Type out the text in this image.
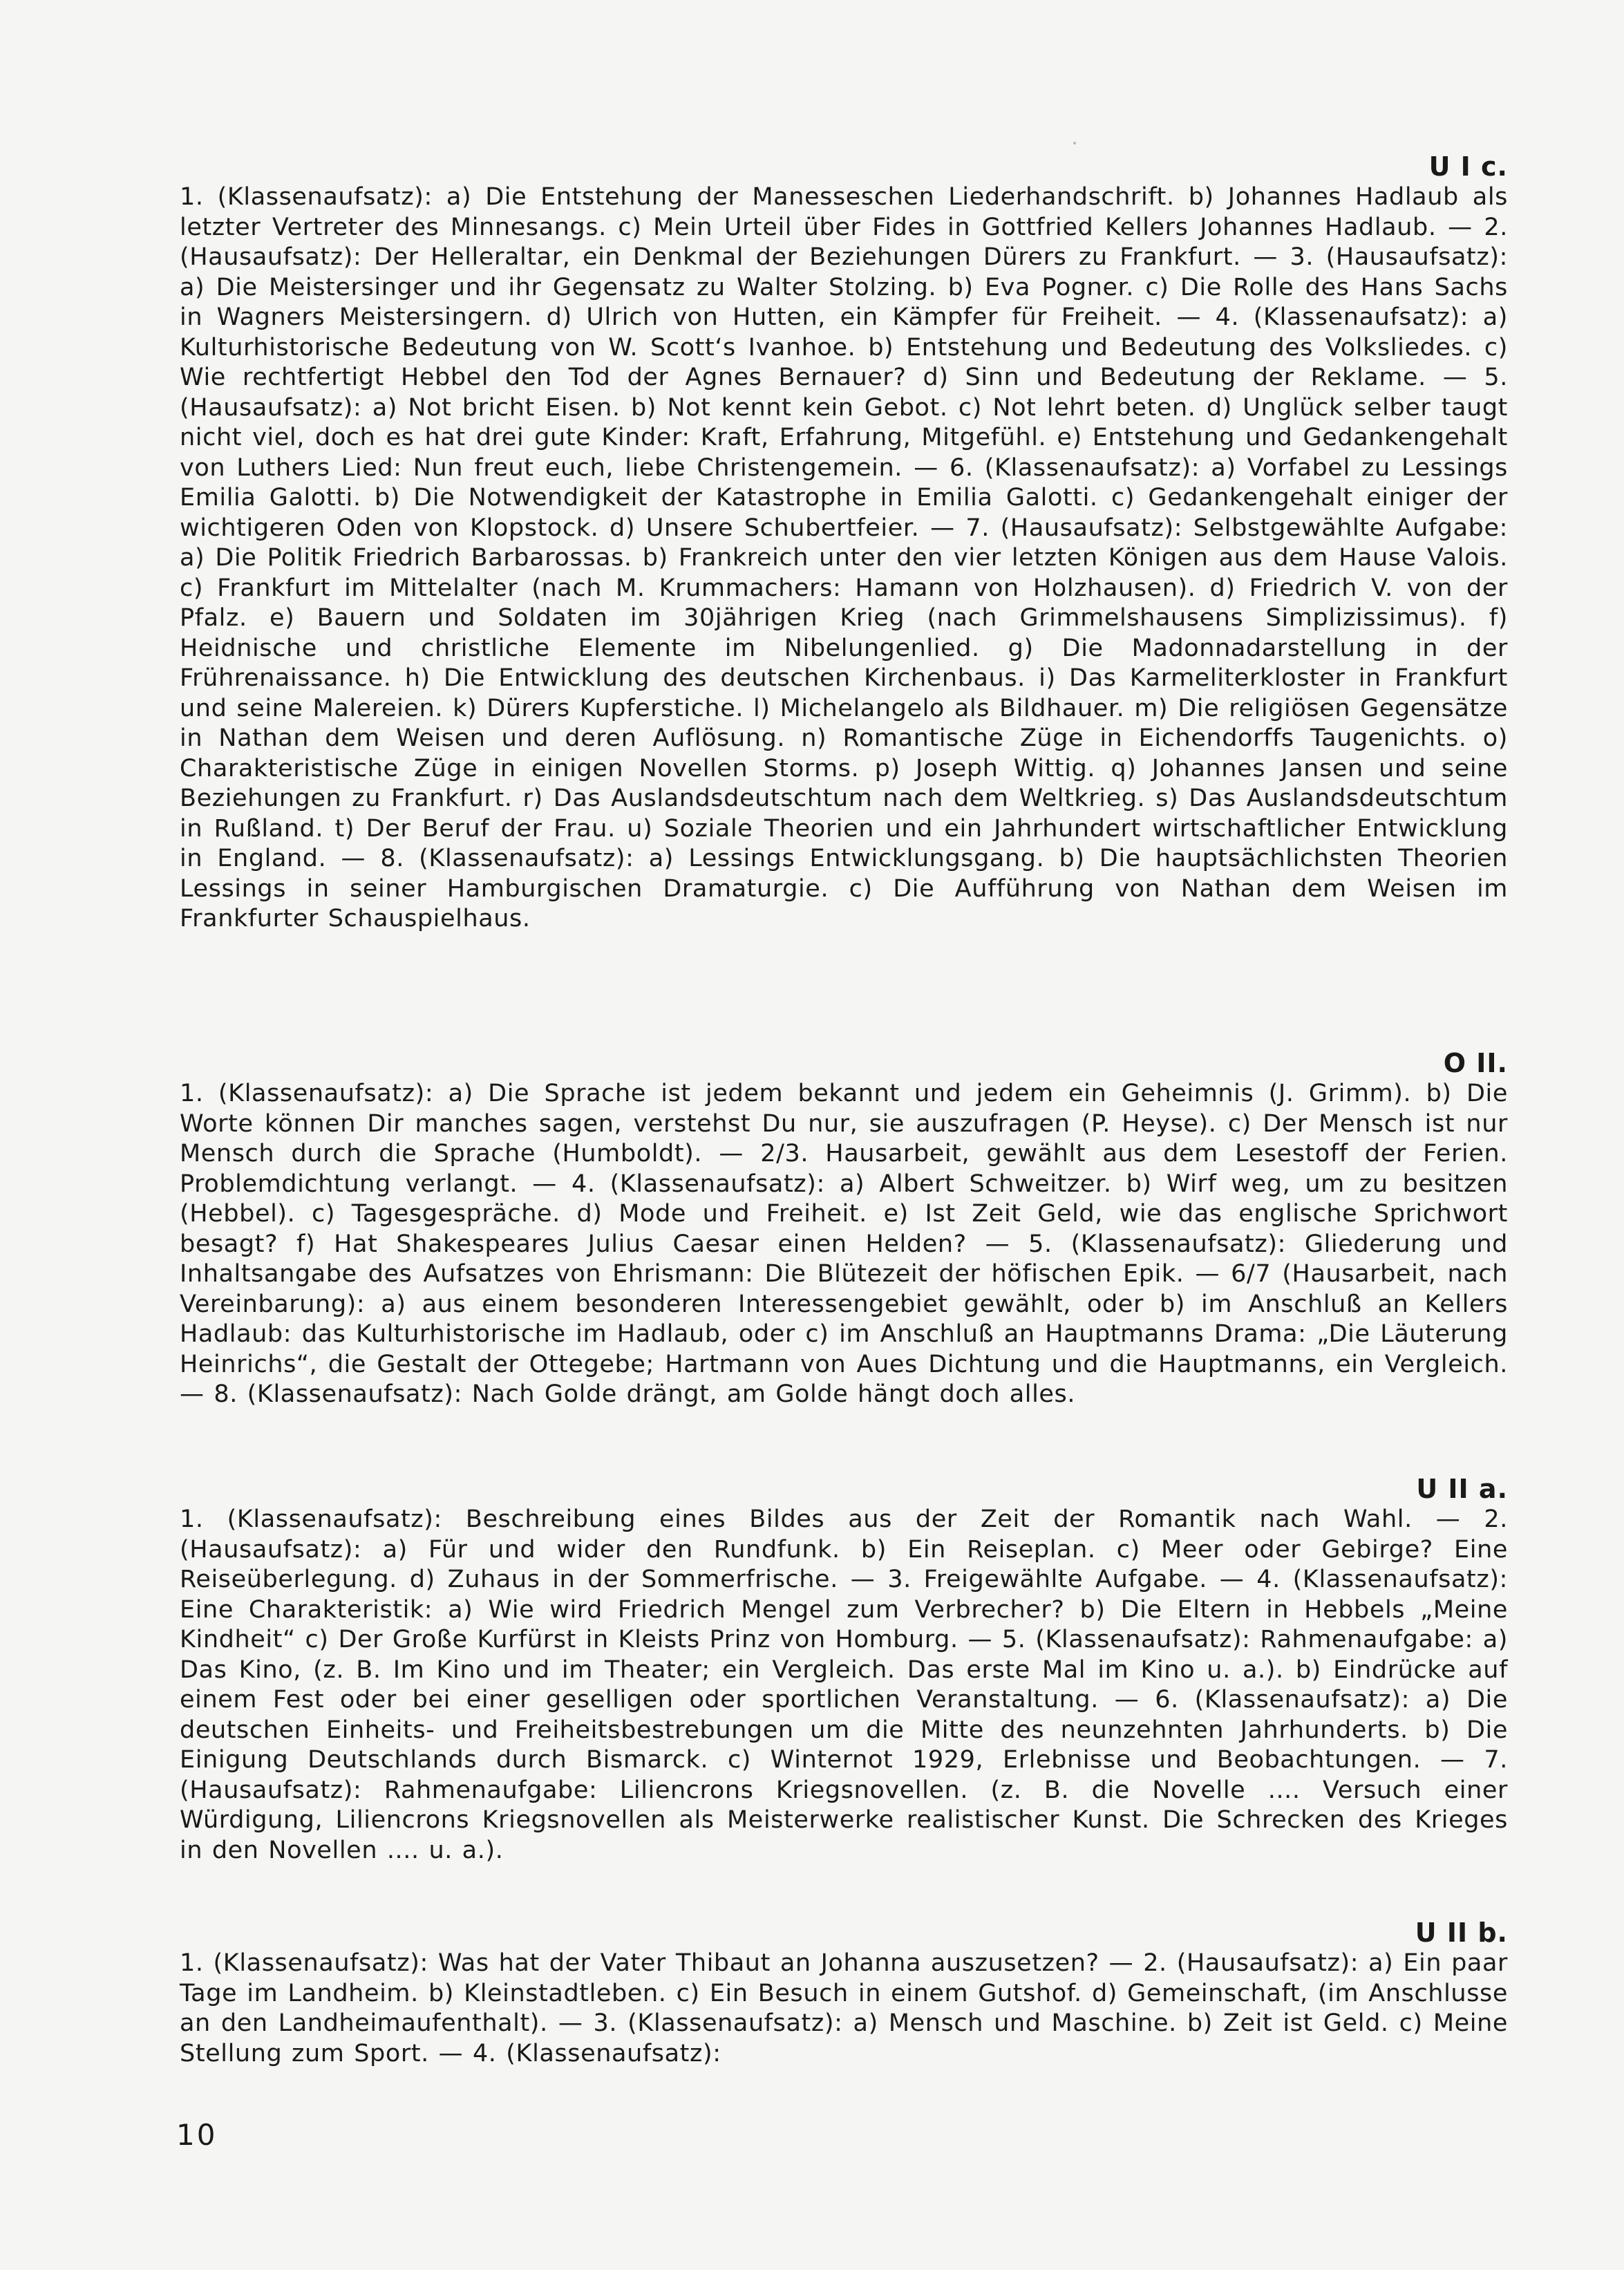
U I c.

1. (Klassenaufsatz): a) Die Entstehung der Manesseschen Liederhandschrift. b) Johannes Hadlaub als letzter Vertreter des Minnesangs. c) Mein Urteil über Fides in Gottfried Kellers Johannes Hadlaub. — 2. (Hausaufsatz): Der Helleraltar, ein Denkmal der Beziehungen Dürers zu Frankfurt. — 3. (Hausaufsatz): a) Die Meistersinger und ihr Gegensatz zu Walter Stolzing. b) Eva Pogner. c) Die Rolle des Hans Sachs in Wagners Meistersingern. d) Ulrich von Hutten, ein Kämpfer für Freiheit. — 4. (Klassenaufsatz): a) Kulturhistorische Bedeutung von W. Scott‘s Ivanhoe. b) Entstehung und Bedeutung des Volksliedes. c) Wie rechtfertigt Hebbel den Tod der Agnes Bernauer? d) Sinn und Bedeutung der Reklame. — 5. (Hausaufsatz): a) Not bricht Eisen. b) Not kennt kein Gebot. c) Not lehrt beten. d) Unglück selber taugt nicht viel, doch es hat drei gute Kinder: Kraft, Erfahrung, Mitgefühl. e) Entstehung und Gedankengehalt von Luthers Lied: Nun freut euch, liebe Christengemein. — 6. (Klassenaufsatz): a) Vorfabel zu Lessings Emilia Galotti. b) Die Notwendigkeit der Katastrophe in Emilia Galotti. c) Gedankengehalt einiger der wichtigeren Oden von Klopstock. d) Unsere Schubertfeier. — 7. (Hausaufsatz): Selbstgewählte Aufgabe: a) Die Politik Friedrich Barbarossas. b) Frankreich unter den vier letzten Königen aus dem Hause Valois. c) Frankfurt im Mittelalter (nach M. Krummachers: Hamann von Holzhausen). d) Friedrich V. von der Pfalz. e) Bauern und Soldaten im 30jährigen Krieg (nach Grimmelshausens Simplizissimus). f) Heidnische und christliche Elemente im Nibelungenlied. g) Die Madonnadarstellung in der Frührenaissance. h) Die Entwicklung des deutschen Kirchenbaus. i) Das Karmeliterkloster in Frankfurt und seine Malereien. k) Dürers Kupferstiche. l) Michelangelo als Bildhauer. m) Die religiösen Gegensätze in Nathan dem Weisen und deren Auflösung. n) Romantische Züge in Eichendorffs Taugenichts. o) Charakteristische Züge in einigen Novellen Storms. p) Joseph Wittig. q) Johannes Jansen und seine Beziehungen zu Frankfurt. r) Das Auslandsdeutschtum nach dem Weltkrieg. s) Das Auslandsdeutschtum in Rußland. t) Der Beruf der Frau. u) Soziale Theorien und ein Jahrhundert wirtschaftlicher Entwicklung in England. — 8. (Klassenaufsatz): a) Lessings Entwicklungsgang. b) Die hauptsächlichsten Theorien Lessings in seiner Hamburgischen Dramaturgie. c) Die Aufführung von Nathan dem Weisen im Frankfurter Schauspielhaus.

O II.

1. (Klassenaufsatz): a) Die Sprache ist jedem bekannt und jedem ein Geheimnis (J. Grimm). b) Die Worte können Dir manches sagen, verstehst Du nur, sie auszufragen (P. Heyse). c) Der Mensch ist nur Mensch durch die Sprache (Humboldt). — 2/3. Hausarbeit, gewählt aus dem Lesestoff der Ferien. Problemdichtung verlangt. — 4. (Klassenaufsatz): a) Albert Schweitzer. b) Wirf weg, um zu besitzen (Hebbel). c) Tagesgespräche. d) Mode und Freiheit. e) Ist Zeit Geld, wie das englische Sprichwort besagt? f) Hat Shakespeares Julius Caesar einen Helden? — 5. (Klassenaufsatz): Gliederung und Inhaltsangabe des Aufsatzes von Ehrismann: Die Blütezeit der höfischen Epik. — 6/7 (Hausarbeit, nach Vereinbarung): a) aus einem besonderen Interessengebiet gewählt, oder b) im Anschluß an Kellers Hadlaub: das Kulturhistorische im Hadlaub, oder c) im Anschluß an Hauptmanns Drama: „Die Läuterung Heinrichs“, die Gestalt der Ottegebe; Hartmann von Aues Dichtung und die Hauptmanns, ein Vergleich. — 8. (Klassenaufsatz): Nach Golde drängt, am Golde hängt doch alles.

U II a.

1. (Klassenaufsatz): Beschreibung eines Bildes aus der Zeit der Romantik nach Wahl. — 2. (Hausaufsatz): a) Für und wider den Rundfunk. b) Ein Reiseplan. c) Meer oder Gebirge? Eine Reiseüberlegung. d) Zuhaus in der Sommerfrische. — 3. Freigewählte Aufgabe. — 4. (Klassenaufsatz): Eine Charakteristik: a) Wie wird Friedrich Mengel zum Verbrecher? b) Die Eltern in Hebbels „Meine Kindheit“ c) Der Große Kurfürst in Kleists Prinz von Homburg. — 5. (Klassenaufsatz): Rahmenaufgabe: a) Das Kino, (z. B. Im Kino und im Theater; ein Vergleich. Das erste Mal im Kino u. a.). b) Eindrücke auf einem Fest oder bei einer geselligen oder sportlichen Veranstaltung. — 6. (Klassenaufsatz): a) Die deutschen Einheits- und Freiheitsbestrebungen um die Mitte des neunzehnten Jahrhunderts. b) Die Einigung Deutschlands durch Bismarck. c) Winternot 1929, Erlebnisse und Beobachtungen. — 7. (Hausaufsatz): Rahmenaufgabe: Liliencrons Kriegsnovellen. (z. B. die Novelle .... Versuch einer Würdigung, Liliencrons Kriegsnovellen als Meisterwerke realistischer Kunst. Die Schrecken des Krieges in den Novellen .... u. a.).

U II b.

1. (Klassenaufsatz): Was hat der Vater Thibaut an Johanna auszusetzen? — 2. (Hausaufsatz): a) Ein paar Tage im Landheim. b) Kleinstadtleben. c) Ein Besuch in einem Gutshof. d) Gemeinschaft, (im Anschlusse an den Landheimaufenthalt). — 3. (Klassenaufsatz): a) Mensch und Maschine. b) Zeit ist Geld. c) Meine Stellung zum Sport. — 4. (Klassenaufsatz):

10
